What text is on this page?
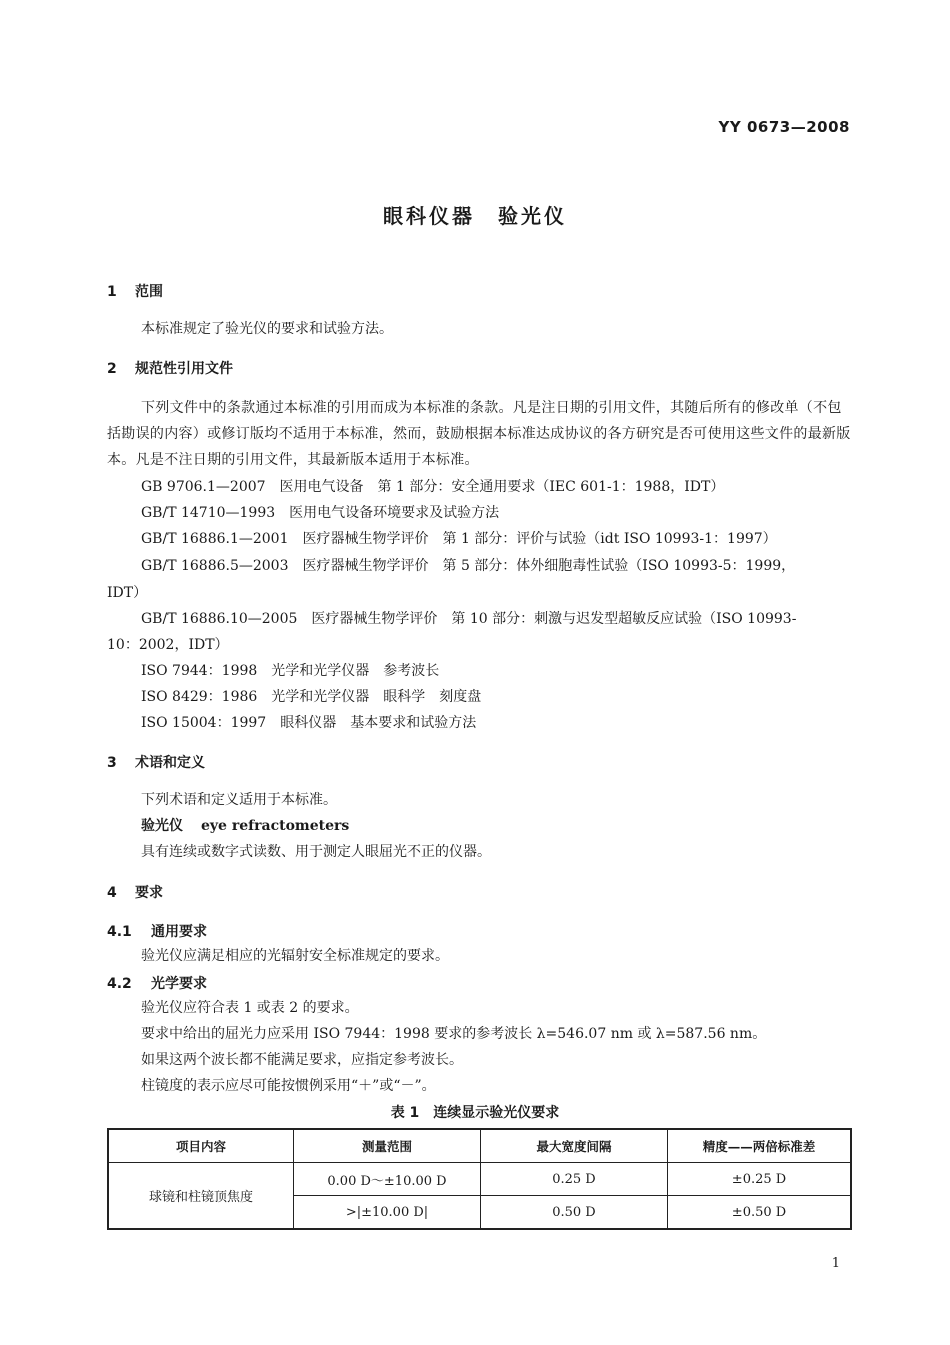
YY 0673—2008
眼科仪器　验光仪
1 范围
本标准规定了验光仪的要求和试验方法。
2 规范性引用文件
下列文件中的条款通过本标准的引用而成为本标准的条款。凡是注日期的引用文件，其随后所有的修改单（不包括勘误的内容）或修订版均不适用于本标准，然而，鼓励根据本标准达成协议的各方研究是否可使用这些文件的最新版本。凡是不注日期的引用文件，其最新版本适用于本标准。
GB 9706.1—2007　医用电气设备　第 1 部分：安全通用要求（IEC 601-1：1988，IDT）
GB/T 14710—1993　医用电气设备环境要求及试验方法
GB/T 16886.1—2001　医疗器械生物学评价　第 1 部分：评价与试验（idt ISO 10993-1：1997）
GB/T 16886.5—2003　医疗器械生物学评价　第 5 部分：体外细胞毒性试验（ISO 10993-5：1999，
IDT）
GB/T 16886.10—2005　医疗器械生物学评价　第 10 部分：刺激与迟发型超敏反应试验（ISO 10993-
10：2002，IDT）
ISO 7944：1998　光学和光学仪器　参考波长
ISO 8429：1986　光学和光学仪器　眼科学　刻度盘
ISO 15004：1997　眼科仪器　基本要求和试验方法
3 术语和定义
下列术语和定义适用于本标准。
验光仪 eye refractometers
具有连续或数字式读数、用于测定人眼屈光不正的仪器。
4 要求
4.1 通用要求
验光仪应满足相应的光辐射安全标准规定的要求。
4.2 光学要求
验光仪应符合表 1 或表 2 的要求。
要求中给出的屈光力应采用 ISO 7944：1998 要求的参考波长 λ=546.07 nm 或 λ=587.56 nm。
如果这两个波长都不能满足要求，应指定参考波长。
柱镜度的表示应尽可能按惯例采用“＋”或“－”。
表 1　连续显示验光仪要求
项目内容	测量范围	最大宽度间隔	精度——两倍标准差
球镜和柱镜顶焦度	0.00 D～±10.00 D	0.25 D	±0.25 D
	>|±10.00 D|	0.50 D	±0.50 D
1
